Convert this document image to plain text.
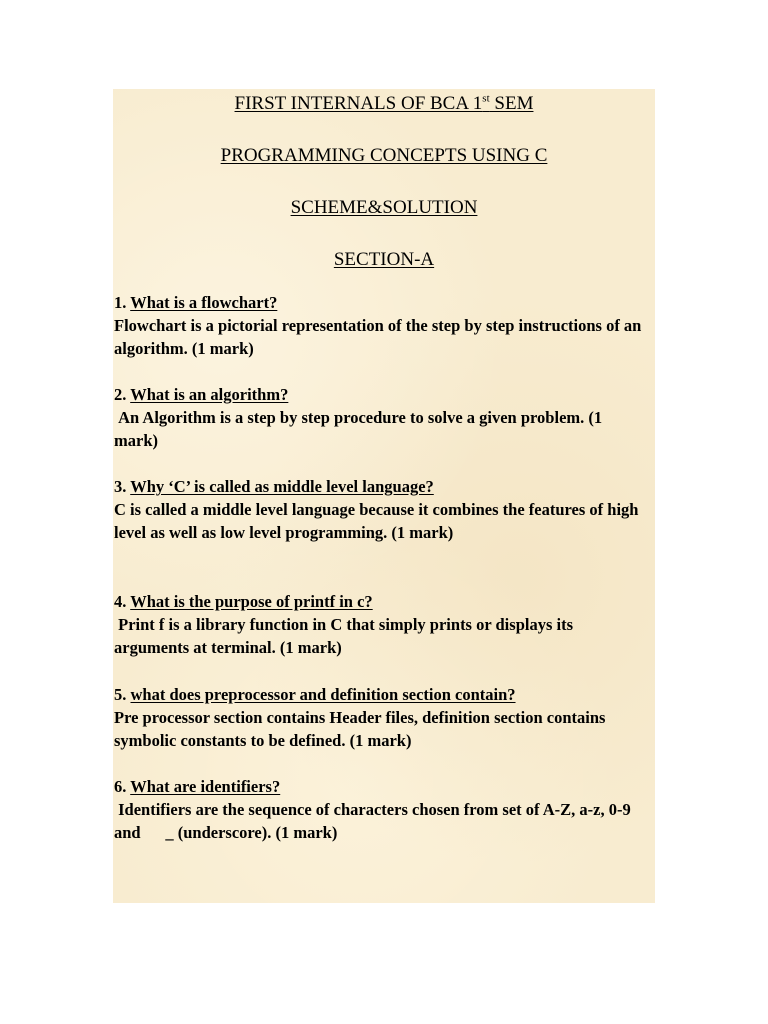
FIRST INTERNALS OF BCA 1st SEM
PROGRAMMING CONCEPTS USING C
SCHEME&SOLUTION
SECTION-A
1. What is a flowchart?
Flowchart is a pictorial representation of the step by step instructions of an algorithm. (1 mark)
2. What is an algorithm?
An Algorithm is a step by step procedure to solve a given problem. (1 mark)
3. Why ‘C’ is called as middle level language?
C is called a middle level language because it combines the features of high level as well as low level programming. (1 mark)
4. What is the purpose of printf in c?
Print f is a library function in C that simply prints or displays its arguments at terminal. (1 mark)
5. what does preprocessor and definition section contain?
Pre processor section contains Header files, definition section contains symbolic constants to be defined. (1 mark)
6. What are identifiers?
Identifiers are the sequence of characters chosen from set of A-Z, a-z, 0-9 and      _ (underscore). (1 mark)
